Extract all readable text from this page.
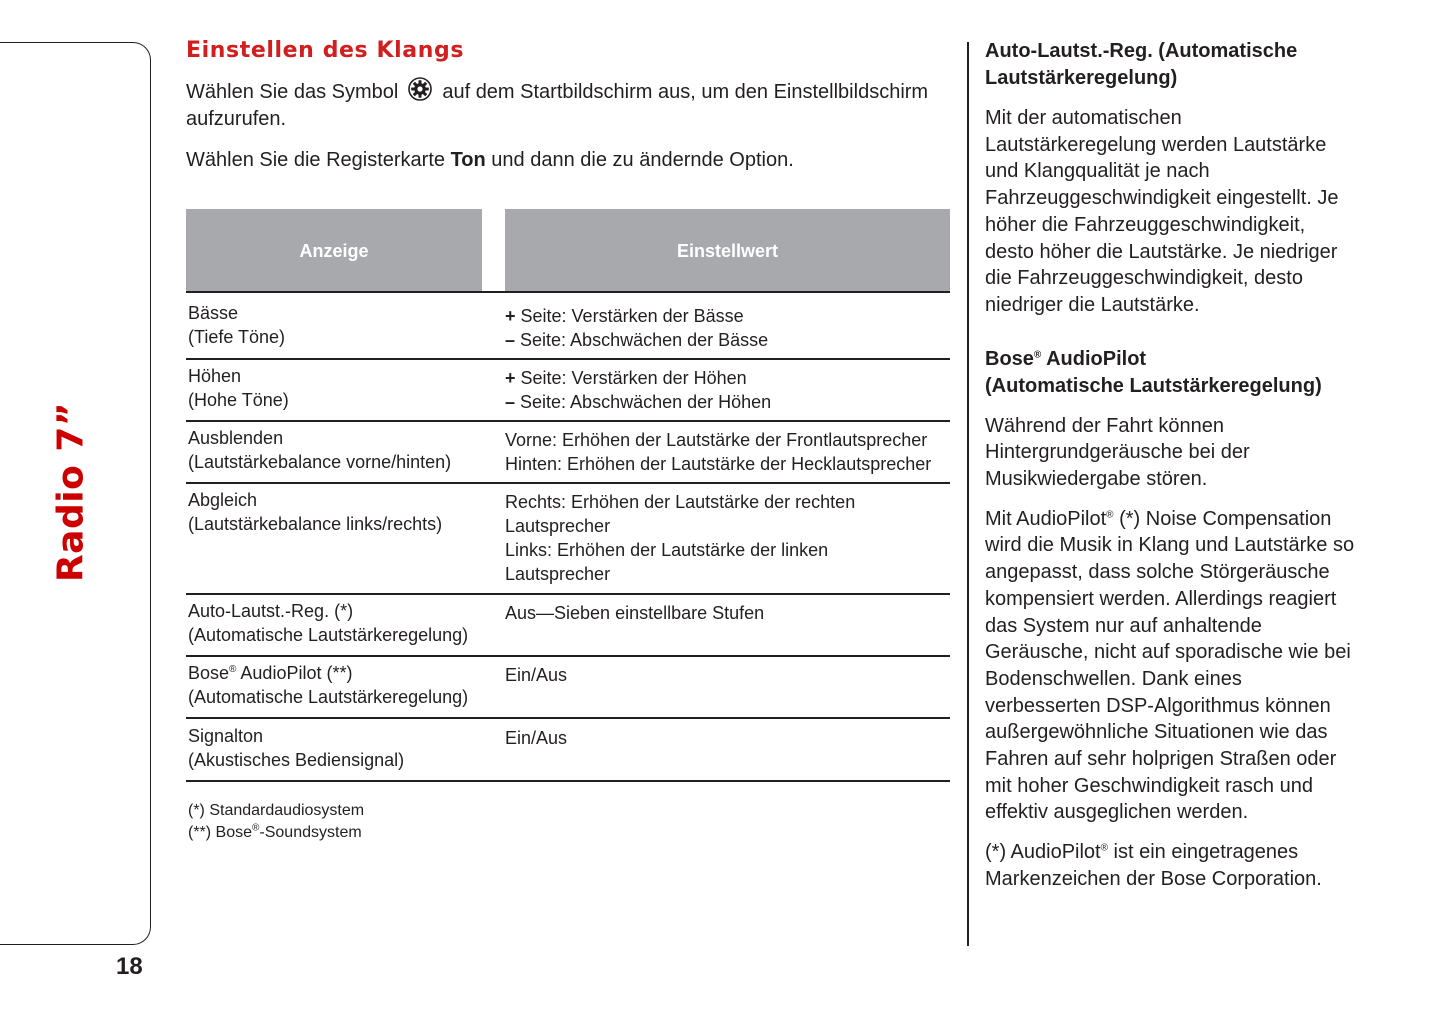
Radio 7”
18
Einstellen des Klangs

Wählen Sie das Symbol auf dem Startbildschirm aus, um den Einstellbildschirm aufzurufen.

Wählen Sie die Registerkarte Ton und dann die zu ändernde Option.

Anzeige	Einstellwert
Bässe
(Tiefe Töne)
+ Seite: Verstärken der Bässe
– Seite: Abschwächen der Bässe
Höhen
(Hohe Töne)
+ Seite: Verstärken der Höhen
– Seite: Abschwächen der Höhen
Ausblenden
(Lautstärkebalance vorne/hinten)
Vorne: Erhöhen der Lautstärke der Frontlautsprecher
Hinten: Erhöhen der Lautstärke der Hecklautsprecher
Abgleich
(Lautstärkebalance links/rechts)
Rechts: Erhöhen der Lautstärke der rechten Lautsprecher
Links: Erhöhen der Lautstärke der linken Lautsprecher
Auto-Lautst.-Reg. (*)
(Automatische Lautstärkeregelung)
Aus—Sieben einstellbare Stufen
Bose® AudioPilot (**)
(Automatische Lautstärkeregelung)
Ein/Aus
Signalton
(Akustisches Bediensignal)
Ein/Aus
(*) Standardaudiosystem
(**) Bose®-Soundsystem
Auto-Lautst.-Reg. (Automatische
Lautstärkeregelung)

Mit der automatischen Lautstärkeregelung werden Lautstärke und Klangqualität je nach Fahrzeuggeschwindigkeit eingestellt. Je höher die Fahrzeuggeschwindigkeit, desto höher die Lautstärke. Je niedriger die Fahrzeuggeschwindigkeit, desto niedriger die Lautstärke.

Bose® AudioPilot
(Automatische Lautstärkeregelung)

Während der Fahrt können Hintergrundgeräusche bei der Musikwiedergabe stören.

Mit AudioPilot® (*) Noise Compensation wird die Musik in Klang und Lautstärke so angepasst, dass solche Störgeräusche kompensiert werden. Allerdings reagiert das System nur auf anhaltende Geräusche, nicht auf sporadische wie bei Bodenschwellen. Dank eines verbesserten DSP-Algorithmus können außergewöhnliche Situationen wie das Fahren auf sehr holprigen Straßen oder mit hoher Geschwindigkeit rasch und effektiv ausgeglichen werden.

(*) AudioPilot® ist ein eingetragenes Markenzeichen der Bose Corporation.
